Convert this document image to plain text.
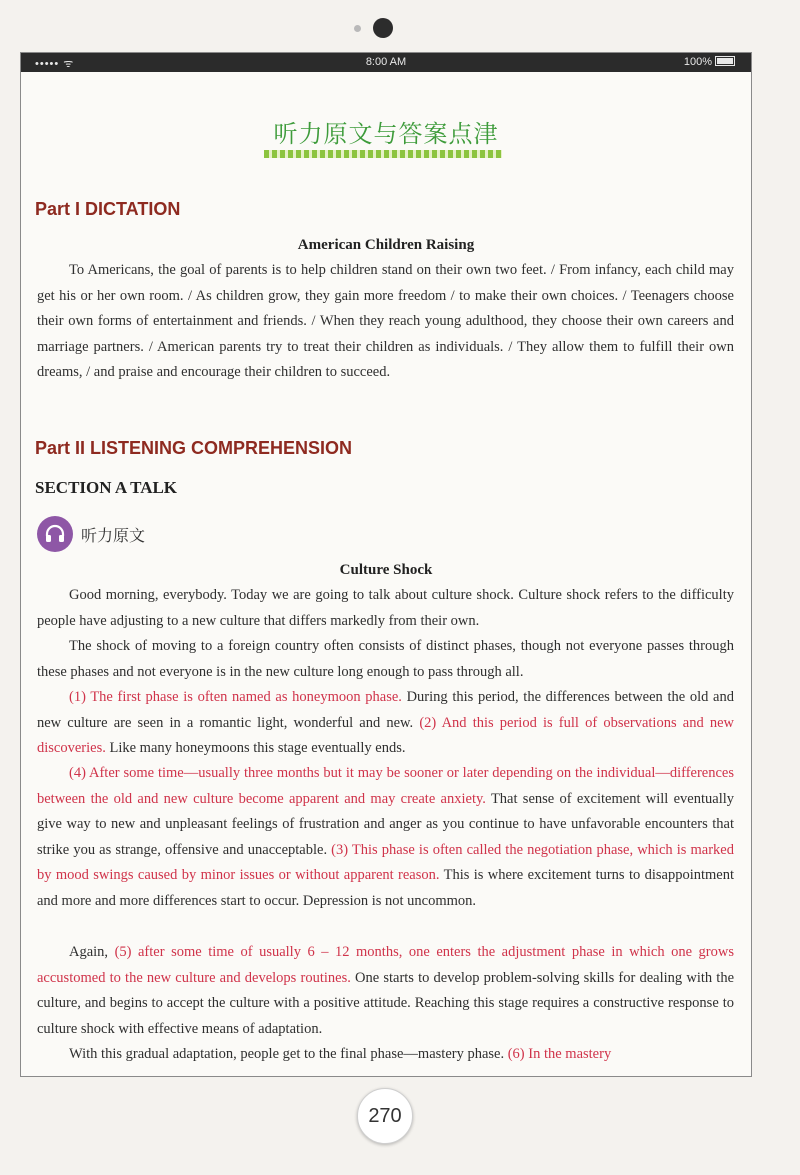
••••• ᯤ	8:00 AM	100%
听力原文与答案点津
Part I DICTATION
American Children Raising
To Americans, the goal of parents is to help children stand on their own two feet. / From infancy, each child may get his or her own room. / As children grow, they gain more freedom / to make their own choices. / Teenagers choose their own forms of entertainment and friends. / When they reach young adulthood, they choose their own careers and marriage partners. / American parents try to treat their children as individuals. / They allow them to fulfill their own dreams, / and praise and encourage their children to succeed.
Part II LISTENING COMPREHENSION
SECTION A TALK
听力原文
Culture Shock
Good morning, everybody. Today we are going to talk about culture shock. Culture shock refers to the difficulty people have adjusting to a new culture that differs markedly from their own.
The shock of moving to a foreign country often consists of distinct phases, though not everyone passes through these phases and not everyone is in the new culture long enough to pass through all.
(1) The first phase is often named as honeymoon phase. During this period, the differences between the old and new culture are seen in a romantic light, wonderful and new. (2) And this period is full of observations and new discoveries. Like many honeymoons this stage eventually ends.
(4) After some time—usually three months but it may be sooner or later depending on the individual—differences between the old and new culture become apparent and may create anxiety. That sense of excitement will eventually give way to new and unpleasant feelings of frustration and anger as you continue to have unfavorable encounters that strike you as strange, offensive and unacceptable. (3) This phase is often called the negotiation phase, which is marked by mood swings caused by minor issues or without apparent reason. This is where excitement turns to disappointment and more and more differences start to occur. Depression is not uncommon.
Again, (5) after some time of usually 6 – 12 months, one enters the adjustment phase in which one grows accustomed to the new culture and develops routines. One starts to develop problem-solving skills for dealing with the culture, and begins to accept the culture with a positive attitude. Reaching this stage requires a constructive response to culture shock with effective means of adaptation.
With this gradual adaptation, people get to the final phase—mastery phase. (6) In the mastery
270
